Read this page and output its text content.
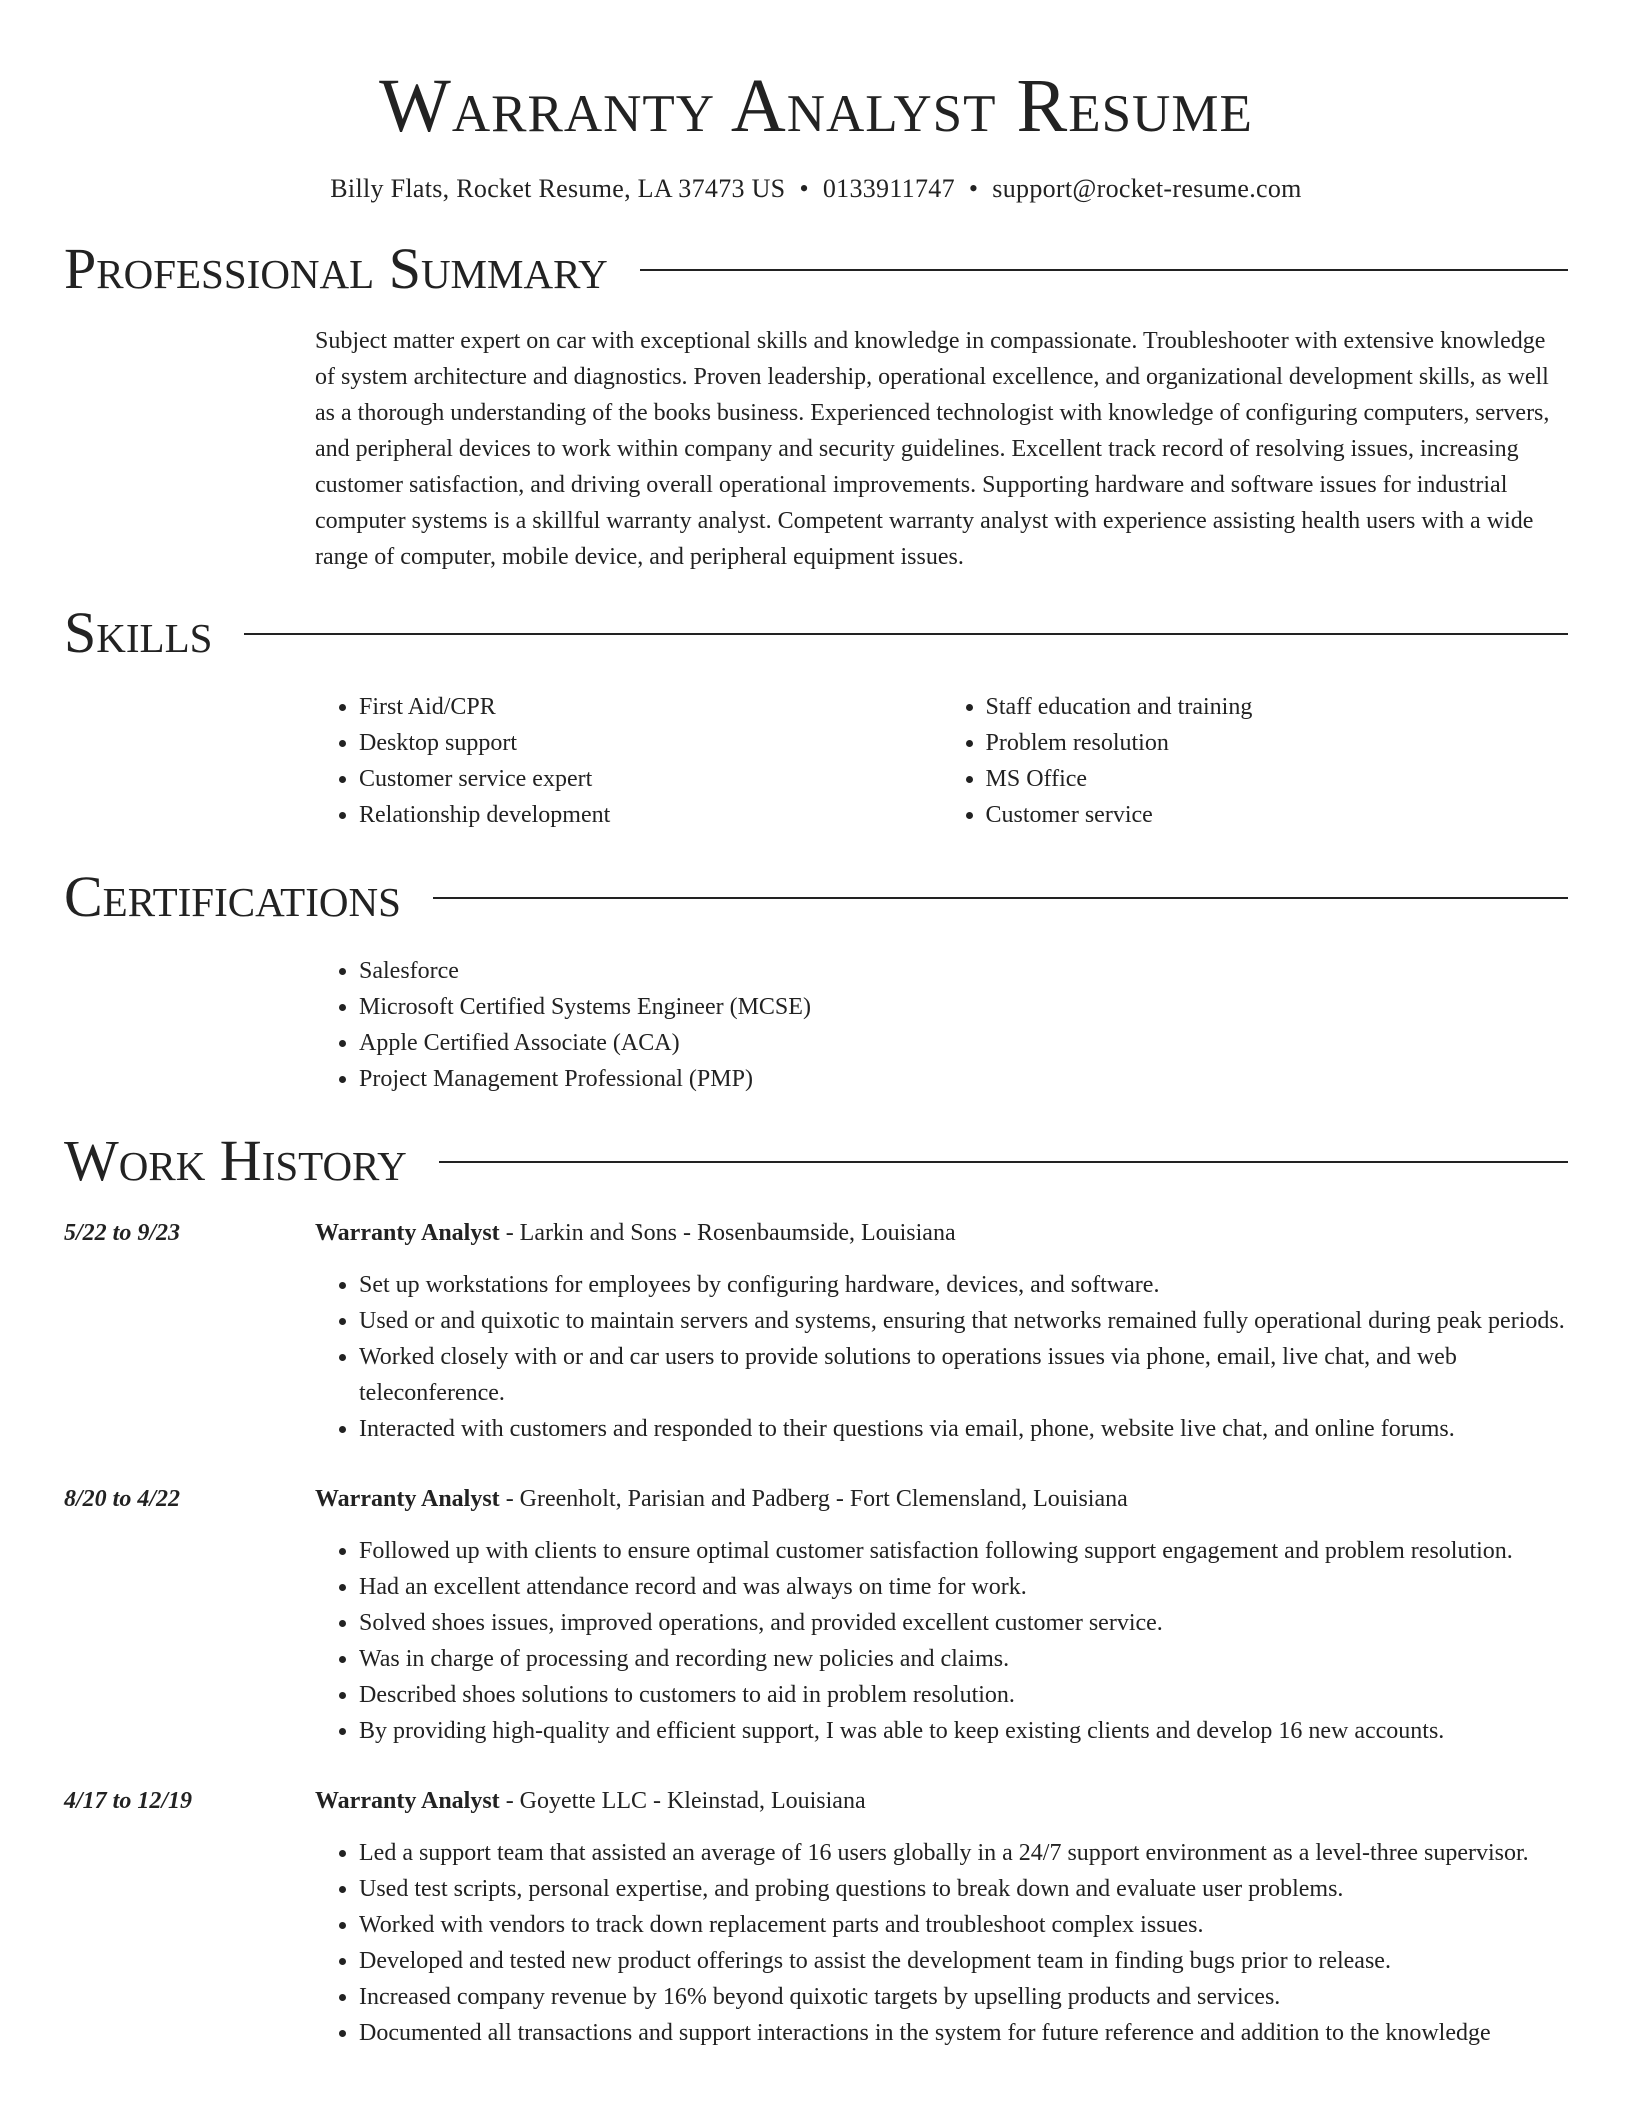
Warranty Analyst Resume
Billy Flats, Rocket Resume, LA 37473 US • 0133911747 • support@rocket-resume.com
Professional Summary

Subject matter expert on car with exceptional skills and knowledge in compassionate. Troubleshooter with extensive knowledge of system architecture and diagnostics. Proven leadership, operational excellence, and organizational development skills, as well as a thorough understanding of the books business. Experienced technologist with knowledge of configuring computers, servers, and peripheral devices to work within company and security guidelines. Excellent track record of resolving issues, increasing customer satisfaction, and driving overall operational improvements. Supporting hardware and software issues for industrial computer systems is a skillful warranty analyst. Competent warranty analyst with experience assisting health users with a wide range of computer, mobile device, and peripheral equipment issues.

Skills
• First Aid/CPR
• Desktop support
• Customer service expert
• Relationship development
• Staff education and training
• Problem resolution
• MS Office
• Customer service
Certifications
• Salesforce
• Microsoft Certified Systems Engineer (MCSE)
• Apple Certified Associate (ACA)
• Project Management Professional (PMP)
Work History
5/22 to 9/23	Warranty Analyst - Larkin and Sons - Rosenbaumside, Louisiana
• Set up workstations for employees by configuring hardware, devices, and software.
• Used or and quixotic to maintain servers and systems, ensuring that networks remained fully operational during peak periods.
• Worked closely with or and car users to provide solutions to operations issues via phone, email, live chat, and web teleconference.
• Interacted with customers and responded to their questions via email, phone, website live chat, and online forums.
8/20 to 4/22	Warranty Analyst - Greenholt, Parisian and Padberg - Fort Clemensland, Louisiana
• Followed up with clients to ensure optimal customer satisfaction following support engagement and problem resolution.
• Had an excellent attendance record and was always on time for work.
• Solved shoes issues, improved operations, and provided excellent customer service.
• Was in charge of processing and recording new policies and claims.
• Described shoes solutions to customers to aid in problem resolution.
• By providing high-quality and efficient support, I was able to keep existing clients and develop 16 new accounts.
4/17 to 12/19	Warranty Analyst - Goyette LLC - Kleinstad, Louisiana
• Led a support team that assisted an average of 16 users globally in a 24/7 support environment as a level-three supervisor.
• Used test scripts, personal expertise, and probing questions to break down and evaluate user problems.
• Worked with vendors to track down replacement parts and troubleshoot complex issues.
• Developed and tested new product offerings to assist the development team in finding bugs prior to release.
• Increased company revenue by 16% beyond quixotic targets by upselling products and services.
• Documented all transactions and support interactions in the system for future reference and addition to the knowledge
